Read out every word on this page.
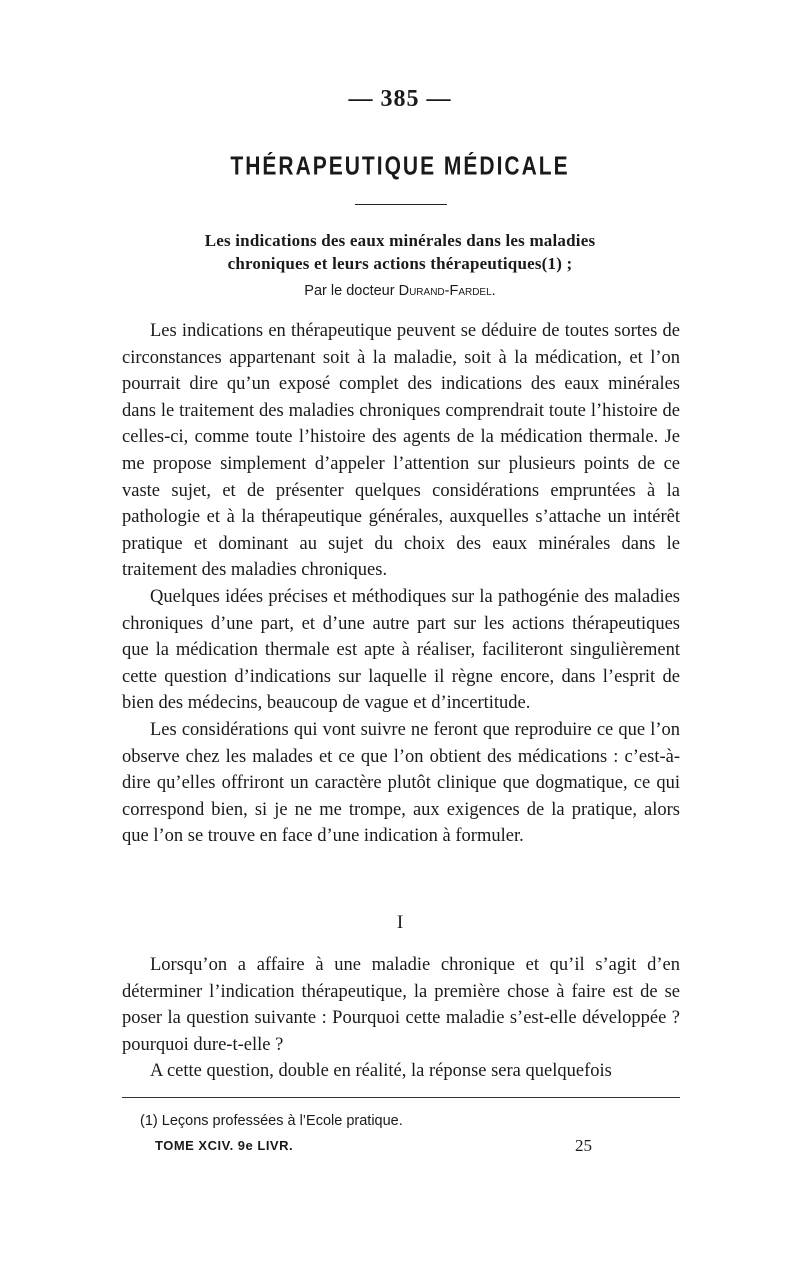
— 385 —
THÉRAPEUTIQUE MÉDICALE
Les indications des eaux minérales dans les maladies
chroniques et leurs actions thérapeutiques(1) ;
Par le docteur Durand-Fardel.

Les indications en thérapeutique peuvent se déduire de toutes sortes de circonstances appartenant soit à la maladie, soit à la médication, et l’on pourrait dire qu’un exposé complet des indications des eaux minérales dans le traitement des maladies chroniques comprendrait toute l’histoire de celles-ci, comme toute l’histoire des agents de la médication thermale. Je me propose simplement d’appeler l’attention sur plusieurs points de ce vaste sujet, et de présenter quelques considérations empruntées à la pathologie et à la thérapeutique générales, auxquelles s’attache un intérêt pratique et dominant au sujet du choix des eaux minérales dans le traitement des maladies chroniques.

Quelques idées précises et méthodiques sur la pathogénie des maladies chroniques d’une part, et d’une autre part sur les actions thérapeutiques que la médication thermale est apte à réaliser, faciliteront singulièrement cette question d’indications sur laquelle il règne encore, dans l’esprit de bien des médecins, beaucoup de vague et d’incertitude.

Les considérations qui vont suivre ne feront que reproduire ce que l’on observe chez les malades et ce que l’on obtient des médications : c’est-à-dire qu’elles offriront un caractère plutôt clinique que dogmatique, ce qui correspond bien, si je ne me trompe, aux exigences de la pratique, alors que l’on se trouve en face d’une indication à formuler.

I

Lorsqu’on a affaire à une maladie chronique et qu’il s’agit d’en déterminer l’indication thérapeutique, la première chose à faire est de se poser la question suivante : Pourquoi cette maladie s’est-elle développée ? pourquoi dure-t-elle ?

A cette question, double en réalité, la réponse sera quelquefois

(1) Leçons professées à l’Ecole pratique.
TOME XCIV. 9e LIVR.	25
